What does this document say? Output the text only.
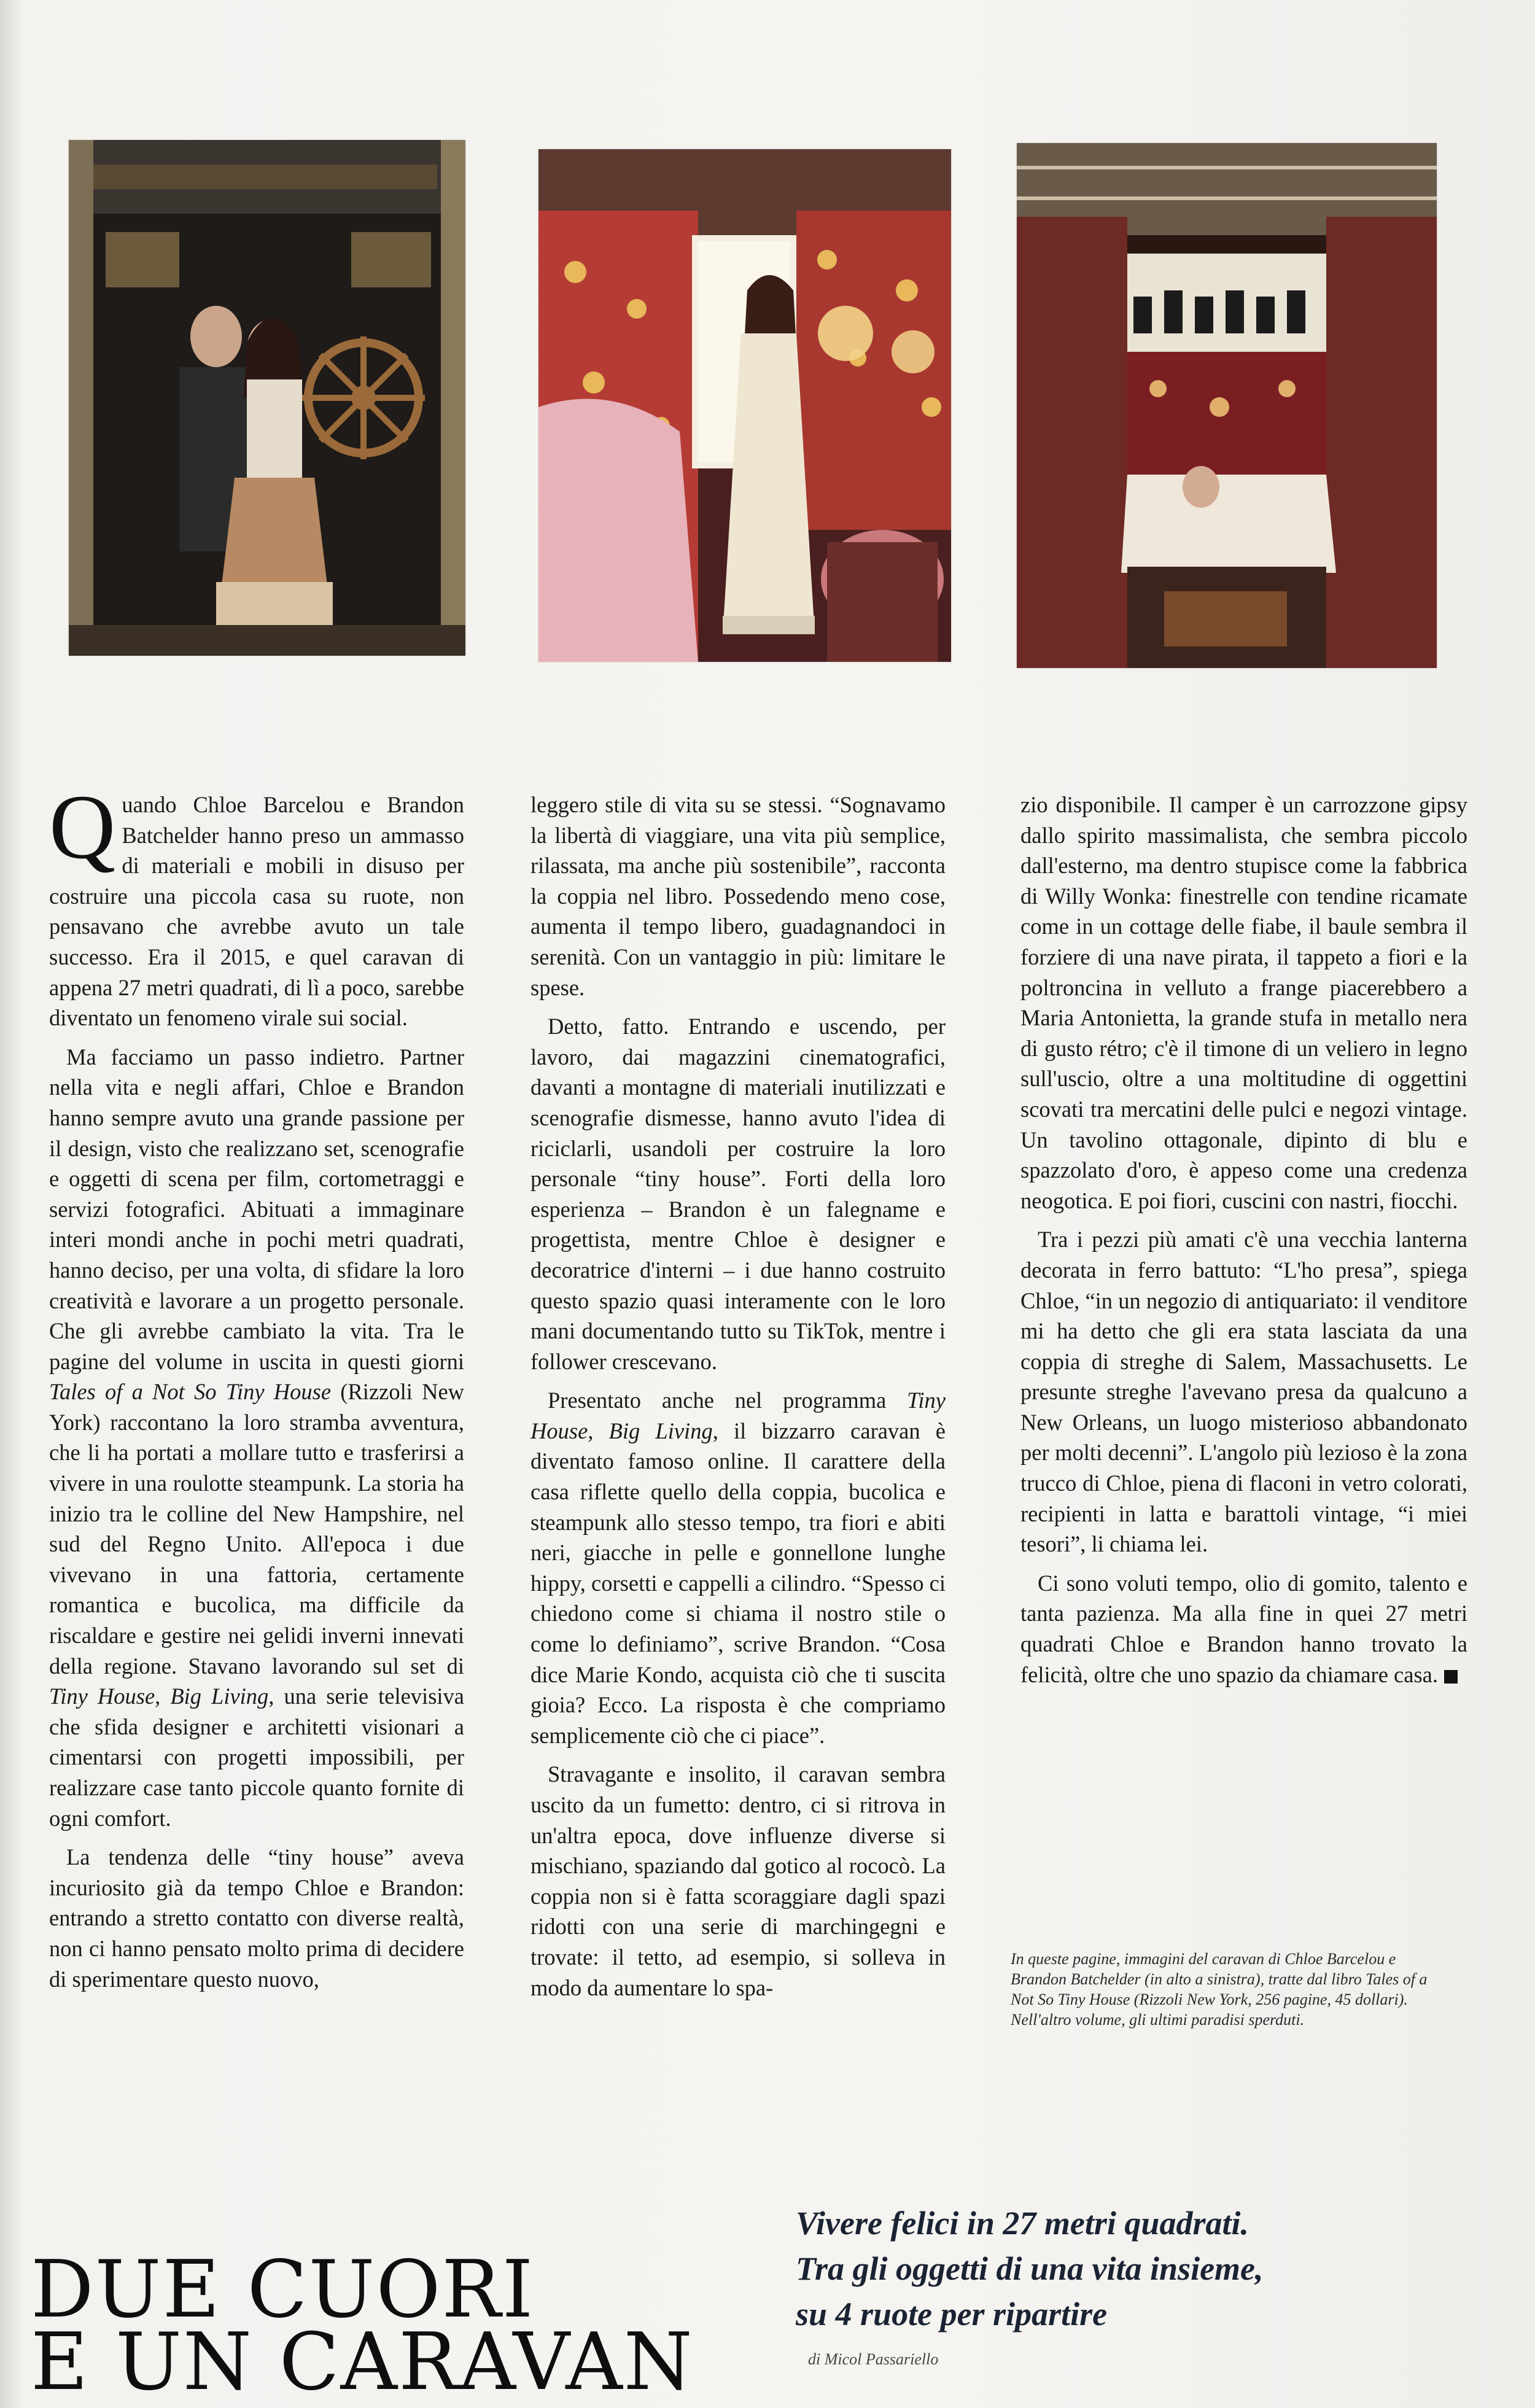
Quando Chloe Barcelou e Brandon Batchelder hanno preso un ammasso di materiali e mobili in disuso per costruire una piccola casa su ruote, non pensavano che avrebbe avuto un tale successo. Era il 2015, e quel caravan di appena 27 metri quadrati, di lì a poco, sarebbe diventato un fenomeno virale sui social.

Ma facciamo un passo indietro. Partner nella vita e negli affari, Chloe e Brandon hanno sempre avuto una grande passione per il design, visto che realizzano set, scenografie e oggetti di scena per film, cortometraggi e servizi fotografici. Abituati a immaginare interi mondi anche in pochi metri quadrati, hanno deciso, per una volta, di sfidare la loro creatività e lavorare a un progetto personale. Che gli avrebbe cambiato la vita. Tra le pagine del volume in uscita in questi giorni Tales of a Not So Tiny House (Rizzoli New York) raccontano la loro stramba avventura, che li ha portati a mollare tutto e trasferirsi a vivere in una roulotte steampunk. La storia ha inizio tra le colline del New Hampshire, nel sud del Regno Unito. All'epoca i due vivevano in una fattoria, certamente romantica e bucolica, ma difficile da riscaldare e gestire nei gelidi inverni innevati della regione. Stavano lavorando sul set di Tiny House, Big Living, una serie televisiva che sfida designer e architetti visionari a cimentarsi con progetti impossibili, per realizzare case tanto piccole quanto fornite di ogni comfort.

La tendenza delle “tiny house” aveva incuriosito già da tempo Chloe e Brandon: entrando a stretto contatto con diverse realtà, non ci hanno pensato molto prima di decidere di sperimentare questo nuovo,

leggero stile di vita su se stessi. “Sognavamo la libertà di viaggiare, una vita più semplice, rilassata, ma anche più sostenibile”, racconta la coppia nel libro. Possedendo meno cose, aumenta il tempo libero, guadagnandoci in serenità. Con un vantaggio in più: limitare le spese.

Detto, fatto. Entrando e uscendo, per lavoro, dai magazzini cinematografici, davanti a montagne di materiali inutilizzati e scenografie dismesse, hanno avuto l'idea di riciclarli, usandoli per costruire la loro personale “tiny house”. Forti della loro esperienza – Brandon è un falegname e progettista, mentre Chloe è designer e decoratrice d'interni – i due hanno costruito questo spazio quasi interamente con le loro mani documentando tutto su TikTok, mentre i follower crescevano.

Presentato anche nel programma Tiny House, Big Living, il bizzarro caravan è diventato famoso online. Il carattere della casa riflette quello della coppia, bucolica e steampunk allo stesso tempo, tra fiori e abiti neri, giacche in pelle e gonnellone lunghe hippy, corsetti e cappelli a cilindro. “Spesso ci chiedono come si chiama il nostro stile o come lo definiamo”, scrive Brandon. “Cosa dice Marie Kondo, acquista ciò che ti suscita gioia? Ecco. La risposta è che compriamo semplicemente ciò che ci piace”.

Stravagante e insolito, il caravan sembra uscito da un fumetto: dentro, ci si ritrova in un'altra epoca, dove influenze diverse si mischiano, spaziando dal gotico al rococò. La coppia non si è fatta scoraggiare dagli spazi ridotti con una serie di marchingegni e trovate: il tetto, ad esempio, si solleva in modo da aumentare lo spa-

zio disponibile. Il camper è un carrozzone gipsy dallo spirito massimalista, che sembra piccolo dall'esterno, ma dentro stupisce come la fabbrica di Willy Wonka: finestrelle con tendine ricamate come in un cottage delle fiabe, il baule sembra il forziere di una nave pirata, il tappeto a fiori e la poltroncina in velluto a frange piacerebbero a Maria Antonietta, la grande stufa in metallo nera di gusto rétro; c'è il timone di un veliero in legno sull'uscio, oltre a una moltitudine di oggettini scovati tra mercatini delle pulci e negozi vintage. Un tavolino ottagonale, dipinto di blu e spazzolato d'oro, è appeso come una credenza neogotica. E poi fiori, cuscini con nastri, fiocchi.

Tra i pezzi più amati c'è una vecchia lanterna decorata in ferro battuto: “L'ho presa”, spiega Chloe, “in un negozio di antiquariato: il venditore mi ha detto che gli era stata lasciata da una coppia di streghe di Salem, Massachusetts. Le presunte streghe l'avevano presa da qualcuno a New Orleans, un luogo misterioso abbandonato per molti decenni”. L'angolo più lezioso è la zona trucco di Chloe, piena di flaconi in vetro colorati, recipienti in latta e barattoli vintage, “i miei tesori”, li chiama lei.

Ci sono voluti tempo, olio di gomito, talento e tanta pazienza. Ma alla fine in quei 27 metri quadrati Chloe e Brandon hanno trovato la felicità, oltre che uno spazio da chiamare casa.

In queste pagine, immagini del caravan di Chloe Barcelou e Brandon Batchelder (in alto a sinistra), tratte dal libro Tales of a Not So Tiny House (Rizzoli New York, 256 pagine, 45 dollari). Nell'altro volume, gli ultimi paradisi sperduti.
DUE CUORI
E UN CARAVAN
Vivere felici in 27 metri quadrati.
Tra gli oggetti di una vita insieme,
su 4 ruote per ripartire
di Micol Passariello
